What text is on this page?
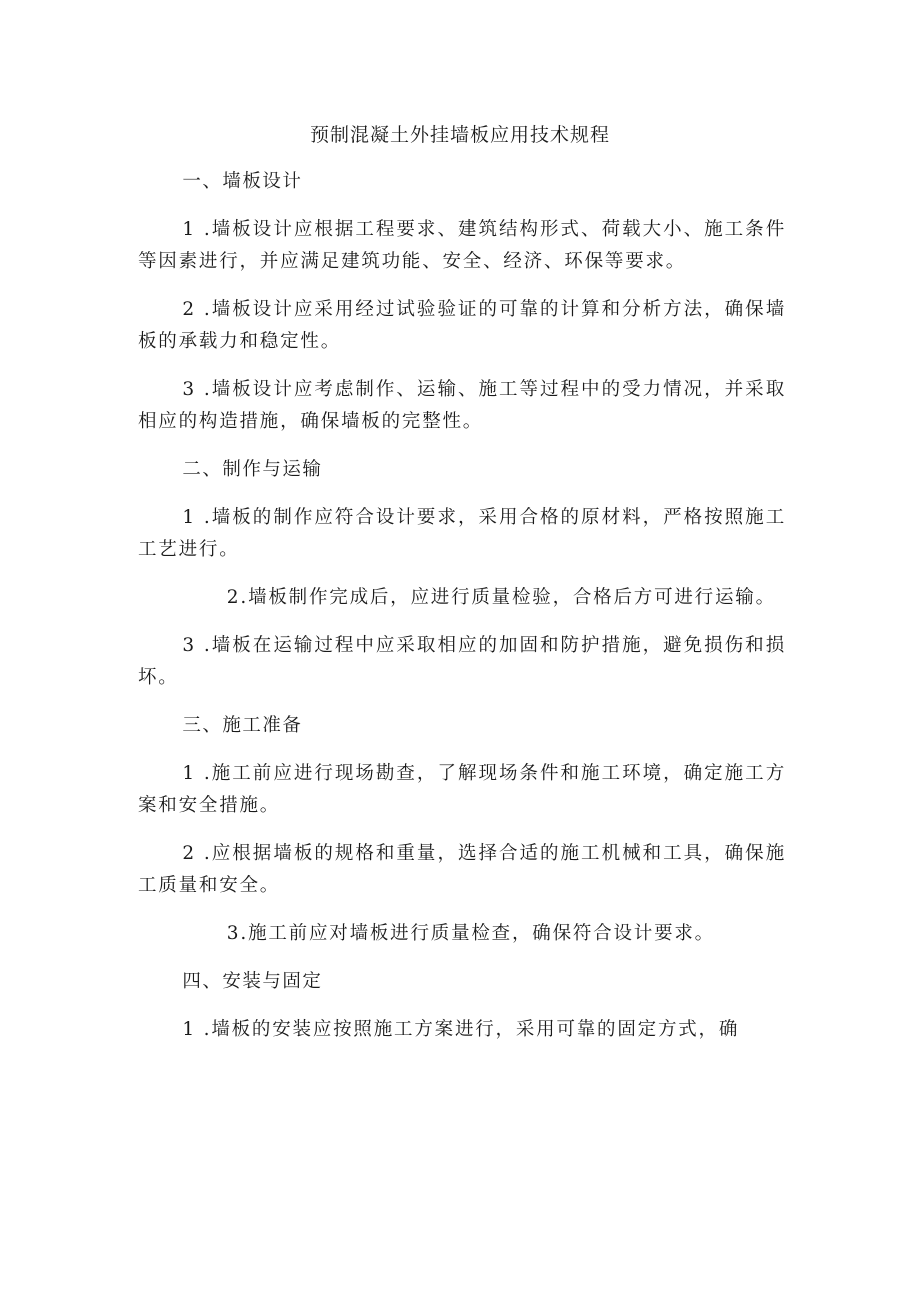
预制混凝土外挂墙板应用技术规程

一、墙板设计

1 .墙板设计应根据工程要求、建筑结构形式、荷载大小、施工条件等因素进行，并应满足建筑功能、安全、经济、环保等要求。

2 .墙板设计应采用经过试验验证的可靠的计算和分析方法，确保墙板的承载力和稳定性。

3 .墙板设计应考虑制作、运输、施工等过程中的受力情况，并采取相应的构造措施，确保墙板的完整性。

二、制作与运输

1 .墙板的制作应符合设计要求，采用合格的原材料，严格按照施工工艺进行。

2.墙板制作完成后，应进行质量检验，合格后方可进行运输。

3 .墙板在运输过程中应采取相应的加固和防护措施，避免损伤和损坏。

三、施工准备

1 .施工前应进行现场勘查，了解现场条件和施工环境，确定施工方案和安全措施。

2 .应根据墙板的规格和重量，选择合适的施工机械和工具，确保施工质量和安全。

3.施工前应对墙板进行质量检查，确保符合设计要求。

四、安装与固定

1 .墙板的安装应按照施工方案进行，采用可靠的固定方式，确
